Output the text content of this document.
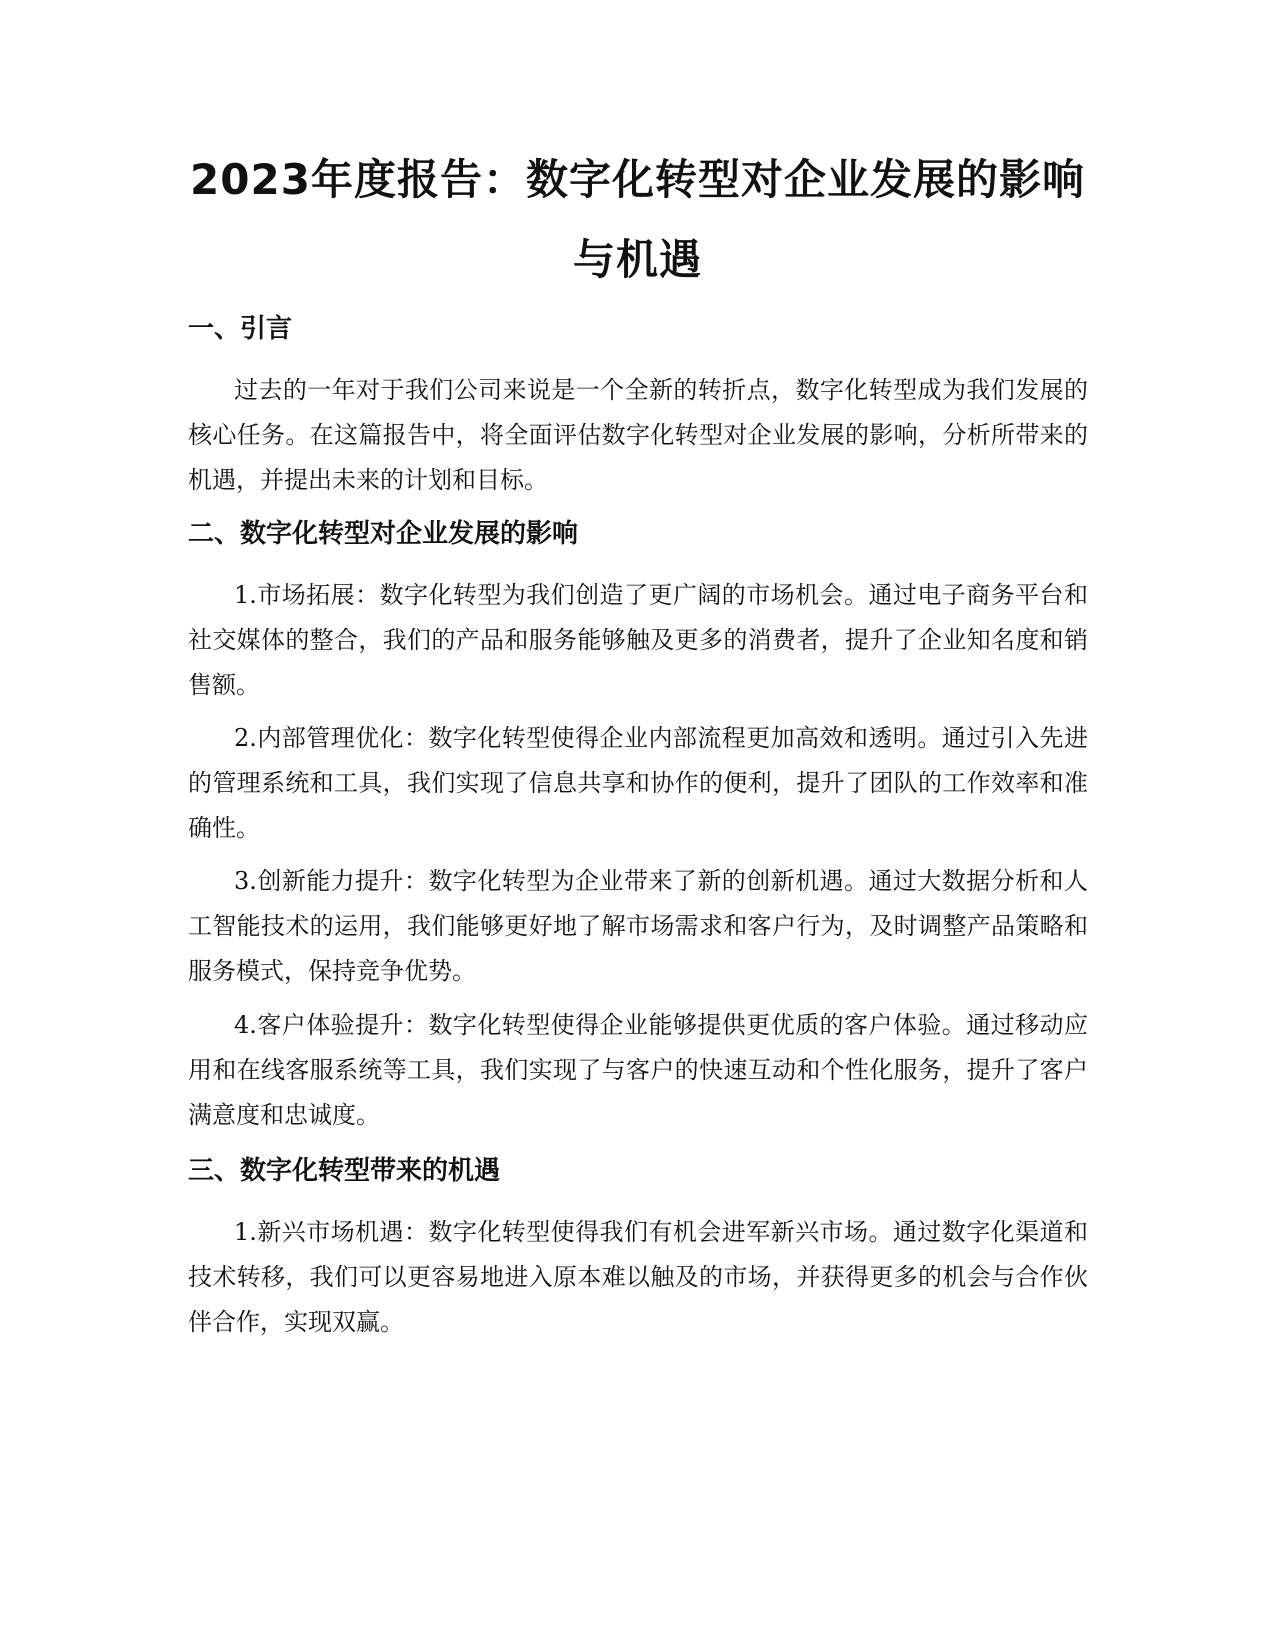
2023年度报告：数字化转型对企业发展的影响与机遇
一、引言

过去的一年对于我们公司来说是一个全新的转折点，数字化转型成为我们发展的核心任务。在这篇报告中，将全面评估数字化转型对企业发展的影响，分析所带来的机遇，并提出未来的计划和目标。

二、数字化转型对企业发展的影响

1.市场拓展：数字化转型为我们创造了更广阔的市场机会。通过电子商务平台和社交媒体的整合，我们的产品和服务能够触及更多的消费者，提升了企业知名度和销售额。

2.内部管理优化：数字化转型使得企业内部流程更加高效和透明。通过引入先进的管理系统和工具，我们实现了信息共享和协作的便利，提升了团队的工作效率和准确性。

3.创新能力提升：数字化转型为企业带来了新的创新机遇。通过大数据分析和人工智能技术的运用，我们能够更好地了解市场需求和客户行为，及时调整产品策略和服务模式，保持竞争优势。

4.客户体验提升：数字化转型使得企业能够提供更优质的客户体验。通过移动应用和在线客服系统等工具，我们实现了与客户的快速互动和个性化服务，提升了客户满意度和忠诚度。

三、数字化转型带来的机遇

1.新兴市场机遇：数字化转型使得我们有机会进军新兴市场。通过数字化渠道和技术转移，我们可以更容易地进入原本难以触及的市场，并获得更多的机会与合作伙伴合作，实现双赢。
